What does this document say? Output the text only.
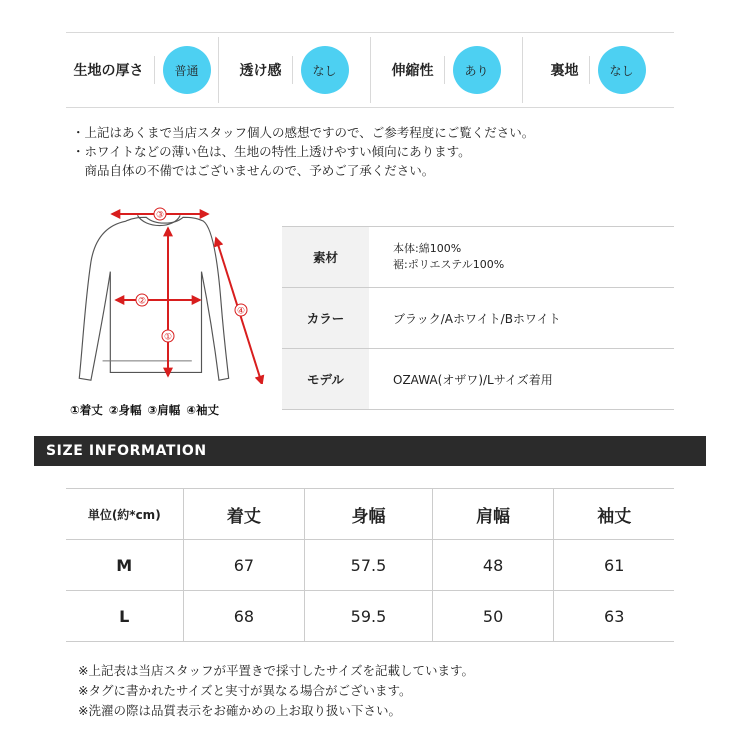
生地の厚さ	普通	透け感	なし	伸縮性	あり	裏地	なし

・上記はあくまで当店スタッフ個人の感想ですので、ご参考程度にご覧ください。

・ホワイトなどの薄い色は、生地の特性上透けやすい傾向にあります。

　商品自体の不備ではございませんので、予めご了承ください。

③
②
①
④
①着丈 ②身幅 ③肩幅 ④袖丈
素材	本体:綿100%

裾:ポリエステル100%

カラー	ブラック/Aホワイト/Bホワイト
モデル	OZAWA(オザワ)/Lサイズ着用
SIZE INFORMATION
単位(約*cm)	着丈	身幅	肩幅	袖丈
M	67	57.5	48	61
L	68	59.5	50	63

※上記表は当店スタッフが平置きで採寸したサイズを記載しています。

※タグに書かれたサイズと実寸が異なる場合がございます。

※洗濯の際は品質表示をお確かめの上お取り扱い下さい。
